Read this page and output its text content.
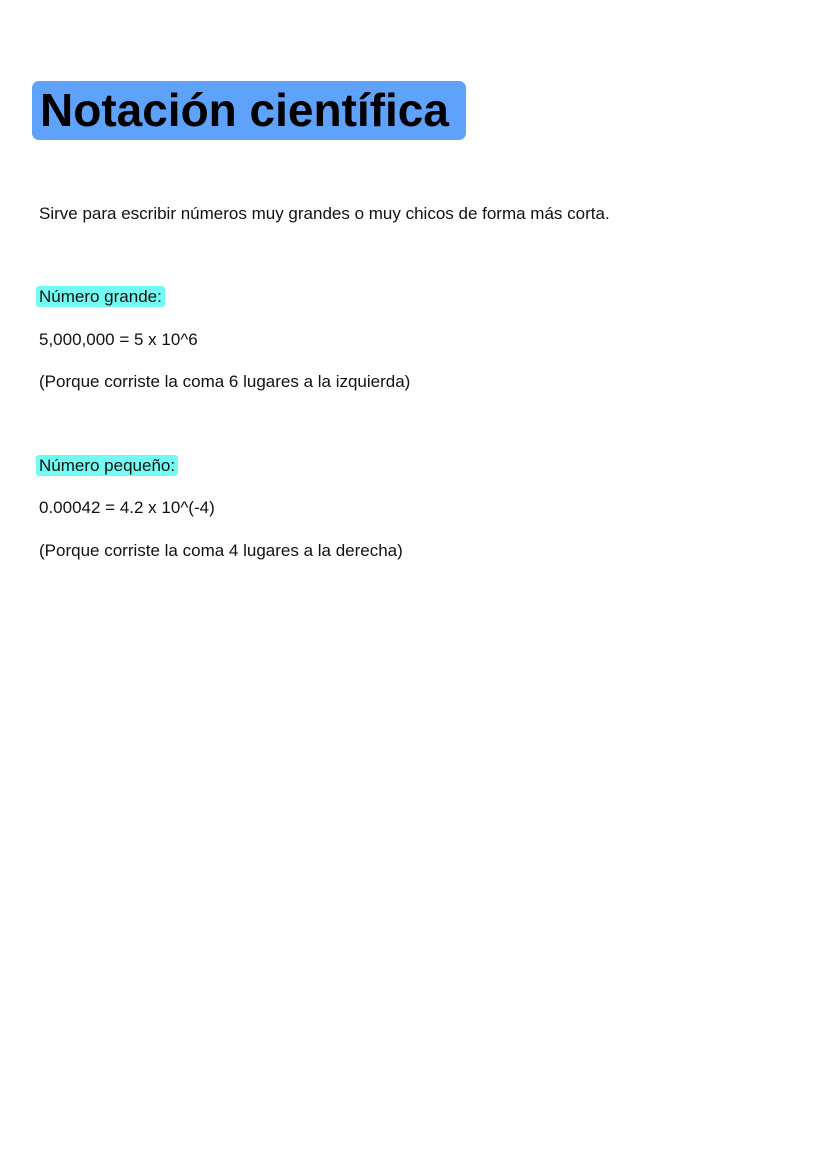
Notación científica
Sirve para escribir números muy grandes o muy chicos de forma más corta.
Número grande:
5,000,000 = 5 x 10^6
(Porque corriste la coma 6 lugares a la izquierda)
Número pequeño:
0.00042 = 4.2 x 10^(-4)
(Porque corriste la coma 4 lugares a la derecha)
